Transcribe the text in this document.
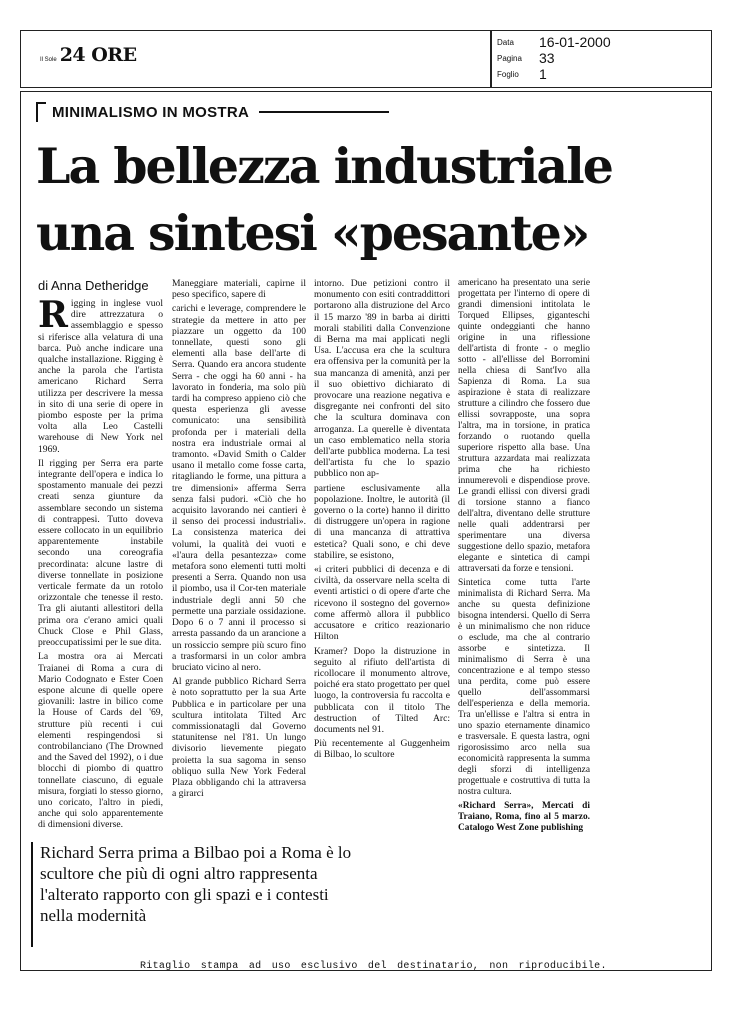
Il Sole 24 ORE
Data	16-01-2000
Pagina	33
Foglio	1
MINIMALISMO IN MOSTRA
La bellezza industriale
una sintesi «pesante»
di Anna Detheridge

Rigging in inglese vuol dire attrezzatura o assemblaggio e spesso si riferisce alla velatura di una barca. Può anche indicare una qualche installazione. Rigging è anche la parola che l'artista americano Richard Serra utilizza per descrivere la messa in sito di una serie di opere in piombo esposte per la prima volta alla Leo Castelli warehouse di New York nel 1969.

Il rigging per Serra era parte integrante dell'opera e indica lo spostamento manuale dei pezzi creati senza giunture da assemblare secondo un sistema di contrappesi. Tutto doveva essere collocato in un equilibrio apparentemente instabile secondo una coreografia precordinata: alcune lastre di diverse tonnellate in posizione verticale fermate da un rotolo orizzontale che tenesse il resto. Tra gli aiutanti allestitori della prima ora c'erano amici quali Chuck Close e Phil Glass, preoccupatissimi per le sue dita.

La mostra ora ai Mercati Traianei di Roma a cura di Mario Codognato e Ester Coen espone alcune di quelle opere giovanili: lastre in bilico come la House of Cards del '69, strutture più recenti i cui elementi respingendosi si controbilanciano (The Drowned and the Saved del 1992), o i due blocchi di piombo di quattro tonnellate ciascuno, di eguale misura, forgiati lo stesso giorno, uno coricato, l'altro in piedi, anche qui solo apparentemente di dimensioni diverse.

Maneggiare materiali, capirne il peso specifico, sapere di

carichi e leverage, comprendere le strategie da mettere in atto per piazzare un oggetto da 100 tonnellate, questi sono gli elementi alla base dell'arte di Serra. Quando era ancora studente Serra - che oggi ha 60 anni - ha lavorato in fonderia, ma solo più tardi ha compreso appieno ciò che questa esperienza gli avesse comunicato: una sensibilità profonda per i materiali della nostra era industriale ormai al tramonto. «David Smith o Calder usano il metallo come fosse carta, ritagliando le forme, una pittura a tre dimensioni» afferma Serra senza falsi pudori. «Ciò che ho acquisito lavorando nei cantieri è il senso dei processi industriali». La consistenza materica dei volumi, la qualità dei vuoti e «l'aura della pesantezza» come metafora sono elementi tutti molti presenti a Serra. Quando non usa il piombo, usa il Cor-ten materiale industriale degli anni 50 che permette una parziale ossidazione. Dopo 6 o 7 anni il processo si arresta passando da un arancione a un rossiccio sempre più scuro fino a trasformarsi in un color ambra bruciato vicino al nero.

Al grande pubblico Richard Serra è noto soprattutto per la sua Arte Pubblica e in particolare per una scultura intitolata Tilted Arc commissionatagli dal Governo statunitense nel l'81. Un lungo divisorio lievemente piegato proietta la sua sagoma in senso obliquo sulla New York Federal Plaza obbligando chi la attraversa a girarci

intorno. Due petizioni contro il monumento con esiti contraddittori portarono alla distruzione del Arco il 15 marzo '89 in barba ai diritti morali stabiliti dalla Convenzione di Berna ma mai applicati negli Usa. L'accusa era che la scultura era offensiva per la comunità per la sua mancanza di amenità, anzi per il suo obiettivo dichiarato di provocare una reazione negativa e disgregante nei confronti del sito che la scultura dominava con arroganza. La querelle è diventata un caso emblematico nella storia dell'arte pubblica moderna. La tesi dell'artista fu che lo spazio pubblico non ap-

partiene esclusivamente alla popolazione. Inoltre, le autorità (il governo o la corte) hanno il diritto di distruggere un'opera in ragione di una mancanza di attrattiva estetica? Quali sono, e chi deve stabilire, se esistono,

«i criteri pubblici di decenza e di civiltà, da osservare nella scelta di eventi artistici o di opere d'arte che ricevono il sostegno del governo» come affermò allora il pubblico accusatore e critico reazionario Hilton

Kramer? Dopo la distruzione in seguito al rifiuto dell'artista di ricollocare il monumento altrove, poiché era stato progettato per quel luogo, la controversia fu raccolta e pubblicata con il titolo The destruction of Tilted Arc: documents nel 91.

Più recentemente al Guggenheim di Bilbao, lo scultore

americano ha presentato una serie progettata per l'interno di opere di grandi dimensioni intitolata le Torqued Ellipses, giganteschi quinte ondeggianti che hanno origine in una riflessione dell'artista di fronte - o meglio sotto - all'ellisse del Borromini nella chiesa di Sant'Ivo alla Sapienza di Roma. La sua aspirazione è stata di realizzare strutture a cilindro che fossero due ellissi sovrapposte, una sopra l'altra, ma in torsione, in pratica forzando o ruotando quella superiore rispetto alla base. Una struttura azzardata mai realizzata prima che ha richiesto innumerevoli e dispendiose prove. Le grandi ellissi con diversi gradi di torsione stanno a fianco dell'altra, diventano delle strutture nelle quali addentrarsi per sperimentare una diversa suggestione dello spazio, metafora elegante e sintetica di campi attraversati da forze e tensioni.

Sintetica come tutta l'arte minimalista di Richard Serra. Ma anche su questa definizione bisogna intendersi. Quello di Serra è un minimalismo che non riduce o esclude, ma che al contrario assorbe e sintetizza. Il minimalismo di Serra è una concentrazione e al tempo stesso una perdita, come può essere quello dell'assommarsi dell'esperienza e della memoria. Tra un'ellisse e l'altra si entra in uno spazio eternamente dinamico e trasversale. E questa lastra, ogni rigorosissimo arco nella sua economicità rappresenta la summa degli sforzi di intelligenza progettuale e costruttiva di tutta la nostra cultura.

«Richard Serra», Mercati di Traiano, Roma, fino al 5 marzo. Catalogo West Zone publishing

Richard Serra prima a Bilbao poi a Roma è lo scultore che più di ogni altro rappresenta l'alterato rapporto con gli spazi e i contesti nella modernità
Ritaglio stampa ad uso esclusivo del destinatario, non riproducibile.
